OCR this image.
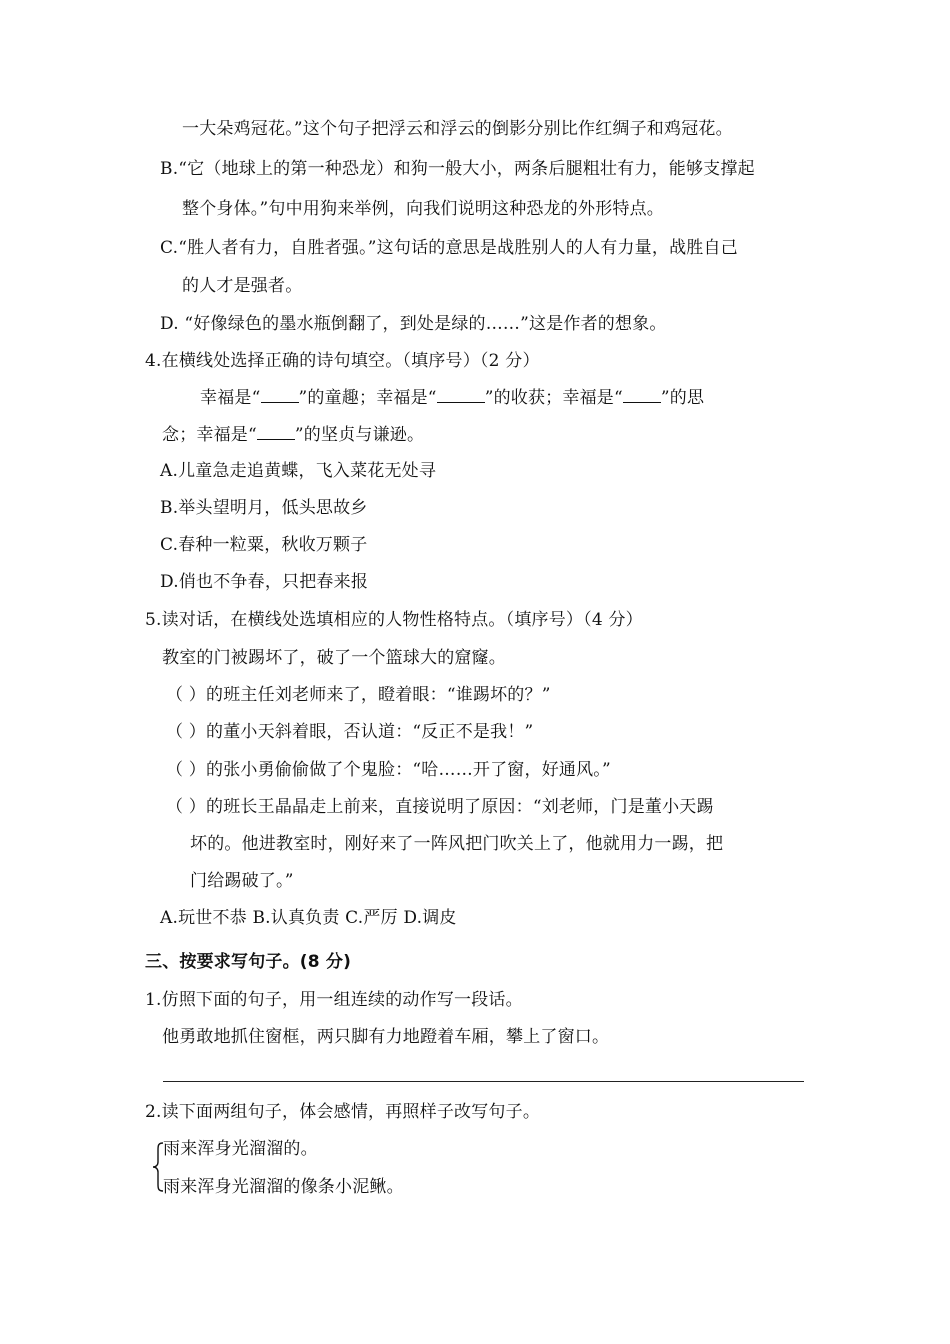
一大朵鸡冠花。”这个句子把浮云和浮云的倒影分别比作红绸子和鸡冠花。
B.“它（地球上的第一种恐龙）和狗一般大小，两条后腿粗壮有力，能够支撑起
整个身体。”句中用狗来举例，向我们说明这种恐龙的外形特点。
C.“胜人者有力，自胜者强。”这句话的意思是战胜别人的人有力量，战胜自己
的人才是强者。
D. “好像绿色的墨水瓶倒翻了，到处是绿的……”这是作者的想象。
4.在横线处选择正确的诗句填空。（填序号）（2 分）
幸福是“ ”的童趣；幸福是“	”的收获；幸福是“ ”的思
念；幸福是“ ”的坚贞与谦逊。
A.儿童急走追黄蝶，飞入菜花无处寻
B.举头望明月，低头思故乡
C.春种一粒粟，秋收万颗子
D.俏也不争春，只把春来报
5.读对话，在横线处选填相应的人物性格特点。（填序号）（4 分）
教室的门被踢坏了，破了一个篮球大的窟窿。
（ ）的班主任刘老师来了，瞪着眼：“谁踢坏的？”
（ ）的董小天斜着眼，否认道：“反正不是我！”
（ ）的张小勇偷偷做了个鬼脸：“哈……开了窗，好通风。”
（ ）的班长王晶晶走上前来，直接说明了原因：“刘老师，门是董小天踢
坏的。他进教室时，刚好来了一阵风把门吹关上了，他就用力一踢，把
门给踢破了。”
A.玩世不恭 B.认真负责 C.严厉 D.调皮
三、按要求写句子。(8 分)
1.仿照下面的句子，用一组连续的动作写一段话。
他勇敢地抓住窗框，两只脚有力地蹬着车厢，攀上了窗口。
2.读下面两组句子，体会感情，再照样子改写句子。
雨来浑身光溜溜的。
雨来浑身光溜溜的像条小泥鳅。
